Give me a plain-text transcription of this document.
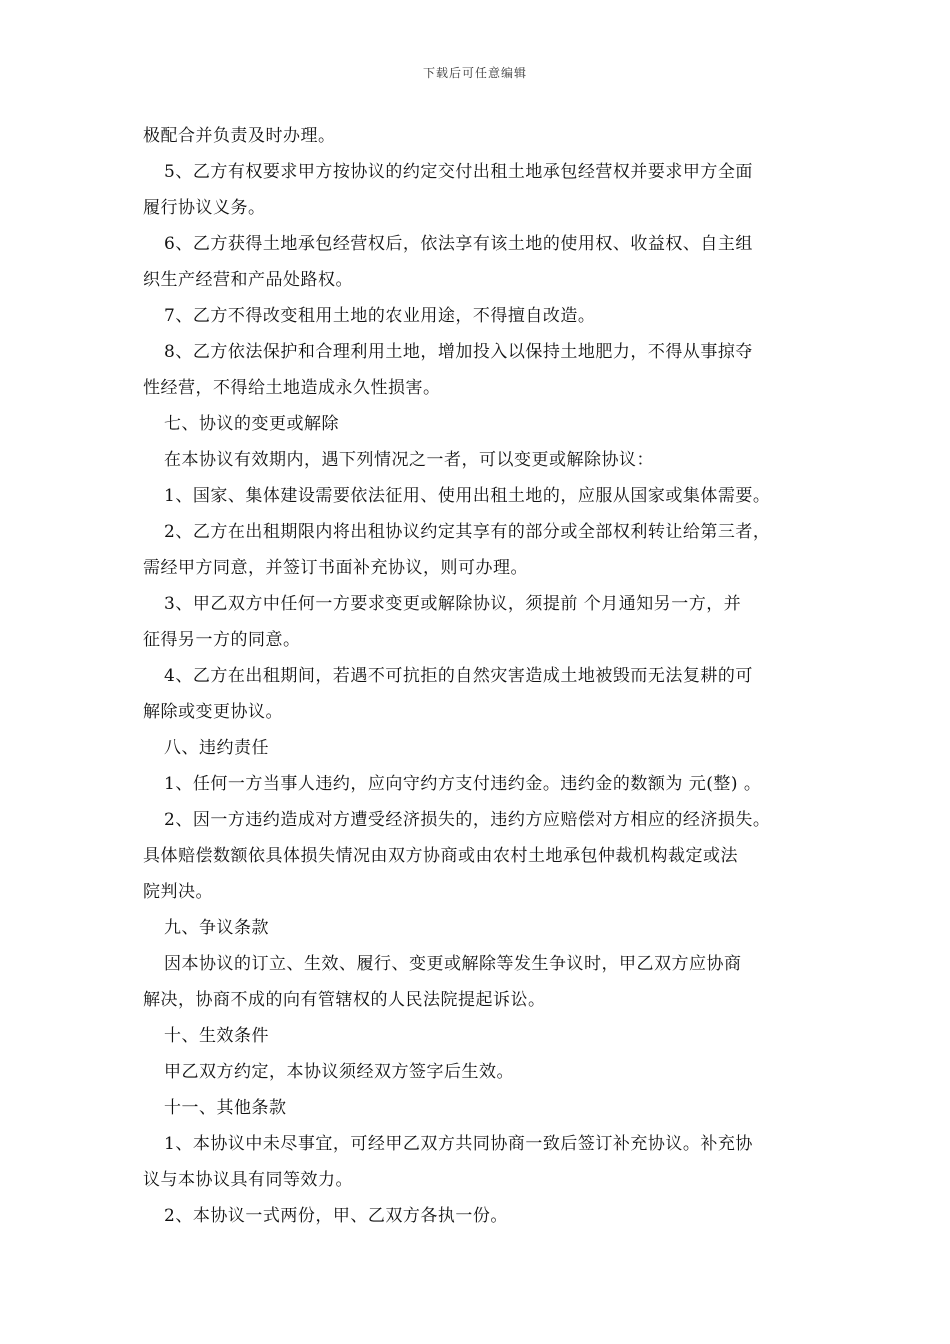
下载后可任意编辑
极配合并负责及时办理。
5、乙方有权要求甲方按协议的约定交付出租土地承包经营权并要求甲方全面
履行协议义务。
6、乙方获得土地承包经营权后，依法享有该土地的使用权、收益权、自主组
织生产经营和产品处路权。
7、乙方不得改变租用土地的农业用途，不得擅自改造。
8、乙方依法保护和合理利用土地，增加投入以保持土地肥力，不得从事掠夺
性经营，不得给土地造成永久性损害。
七、协议的变更或解除
在本协议有效期内，遇下列情况之一者，可以变更或解除协议：
1、国家、集体建设需要依法征用、使用出租土地的，应服从国家或集体需要。
2、乙方在出租期限内将出租协议约定其享有的部分或全部权利转让给第三者，
需经甲方同意，并签订书面补充协议，则可办理。
3、甲乙双方中任何一方要求变更或解除协议，须提前 个月通知另一方，并
征得另一方的同意。
4、乙方在出租期间，若遇不可抗拒的自然灾害造成土地被毁而无法复耕的可
解除或变更协议。
八、违约责任
1、任何一方当事人违约，应向守约方支付违约金。违约金的数额为 元(整) 。
2、因一方违约造成对方遭受经济损失的，违约方应赔偿对方相应的经济损失。
具体赔偿数额依具体损失情况由双方协商或由农村土地承包仲裁机构裁定或法
院判决。
九、争议条款
因本协议的订立、生效、履行、变更或解除等发生争议时，甲乙双方应协商
解决，协商不成的向有管辖权的人民法院提起诉讼。
十、生效条件
甲乙双方约定，本协议须经双方签字后生效。
十一、其他条款
1、本协议中未尽事宜，可经甲乙双方共同协商一致后签订补充协议。补充协
议与本协议具有同等效力。
2、本协议一式两份，甲、乙双方各执一份。
